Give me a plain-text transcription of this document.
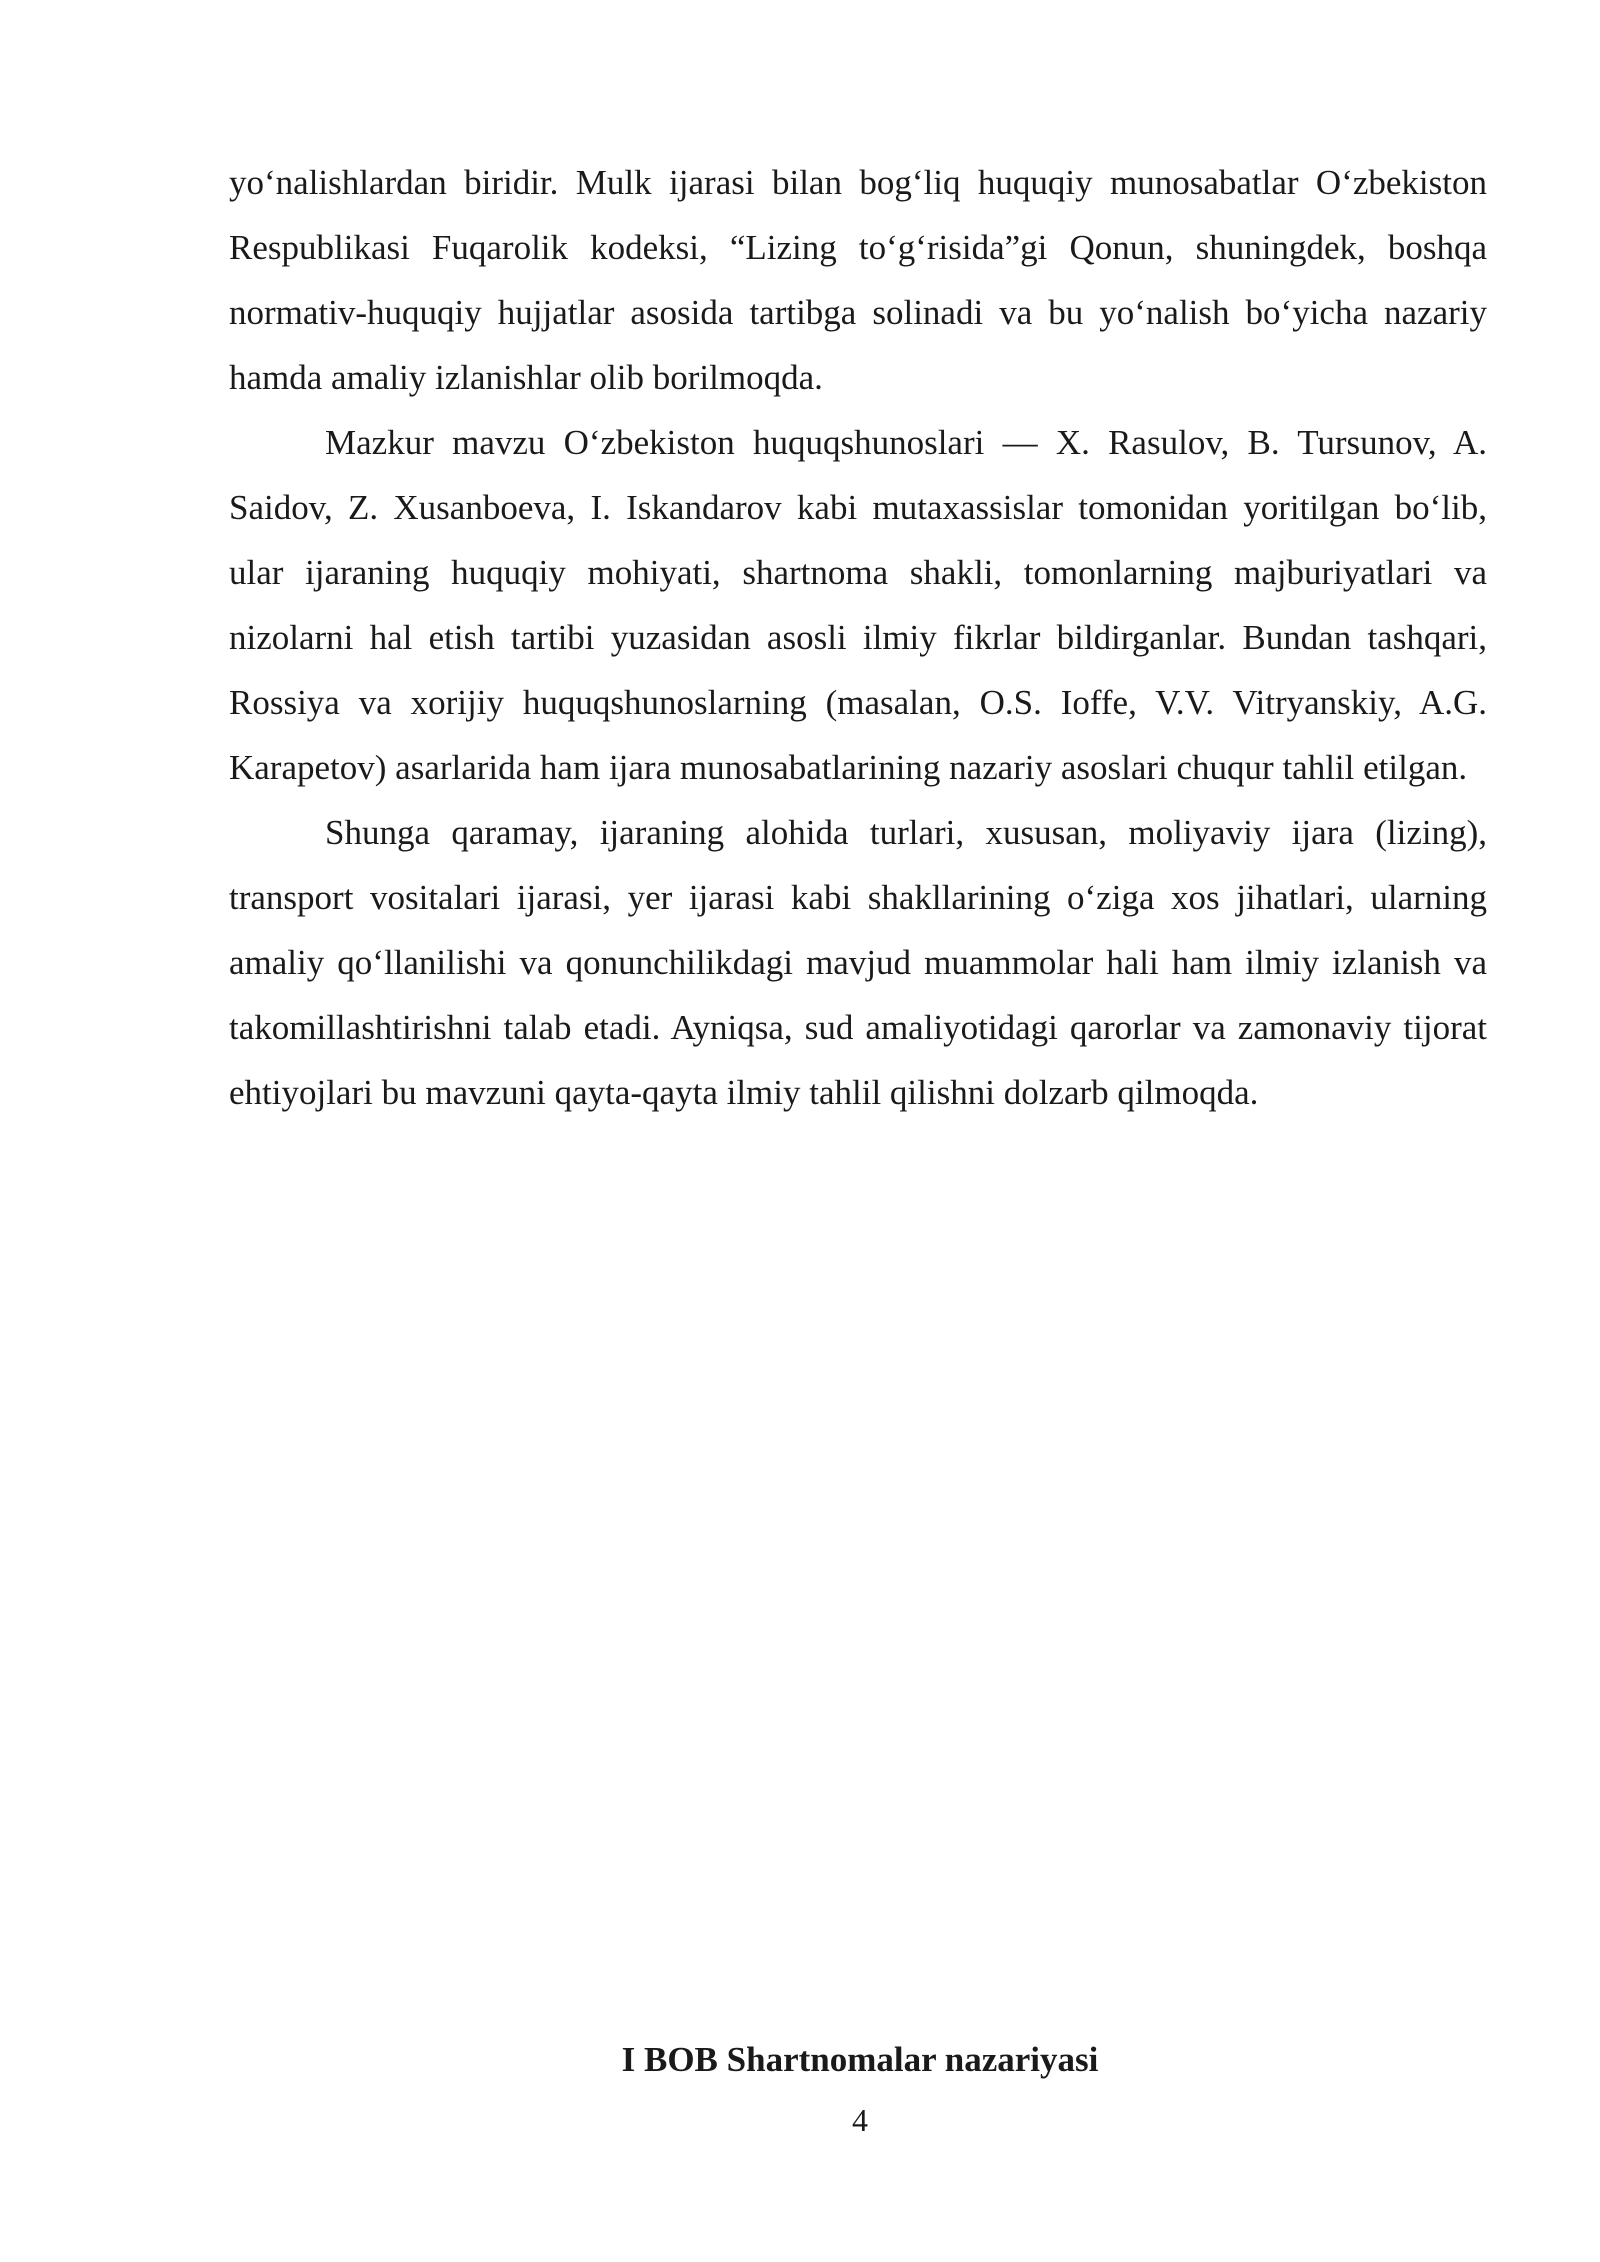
yo‘nalishlardan biridir. Mulk ijarasi bilan bog‘liq huquqiy munosabatlar O‘zbekiston Respublikasi Fuqarolik kodeksi, “Lizing to‘g‘risida”gi Qonun, shuningdek, boshqa normativ-huquqiy hujjatlar asosida tartibga solinadi va bu yo‘nalish bo‘yicha nazariy hamda amaliy izlanishlar olib borilmoqda.

Mazkur mavzu O‘zbekiston huquqshunoslari — X. Rasulov, B. Tursunov, A. Saidov, Z. Xusanboeva, I. Iskandarov kabi mutaxassislar tomonidan yoritilgan bo‘lib, ular ijaraning huquqiy mohiyati, shartnoma shakli, tomonlarning majburiyatlari va nizolarni hal etish tartibi yuzasidan asosli ilmiy fikrlar bildirganlar. Bundan tashqari, Rossiya va xorijiy huquqshunoslarning (masalan, O.S. Ioffe, V.V. Vitryanskiy, A.G. Karapetov) asarlarida ham ijara munosabatlarining nazariy asoslari chuqur tahlil etilgan.

Shunga qaramay, ijaraning alohida turlari, xususan, moliyaviy ijara (lizing), transport vositalari ijarasi, yer ijarasi kabi shakllarining o‘ziga xos jihatlari, ularning amaliy qo‘llanilishi va qonunchilikdagi mavjud muammolar hali ham ilmiy izlanish va takomillashtirishni talab etadi. Ayniqsa, sud amaliyotidagi qarorlar va zamonaviy tijorat ehtiyojlari bu mavzuni qayta-qayta ilmiy tahlil qilishni dolzarb qilmoqda.

I BOB Shartnomalar nazariyasi
4
